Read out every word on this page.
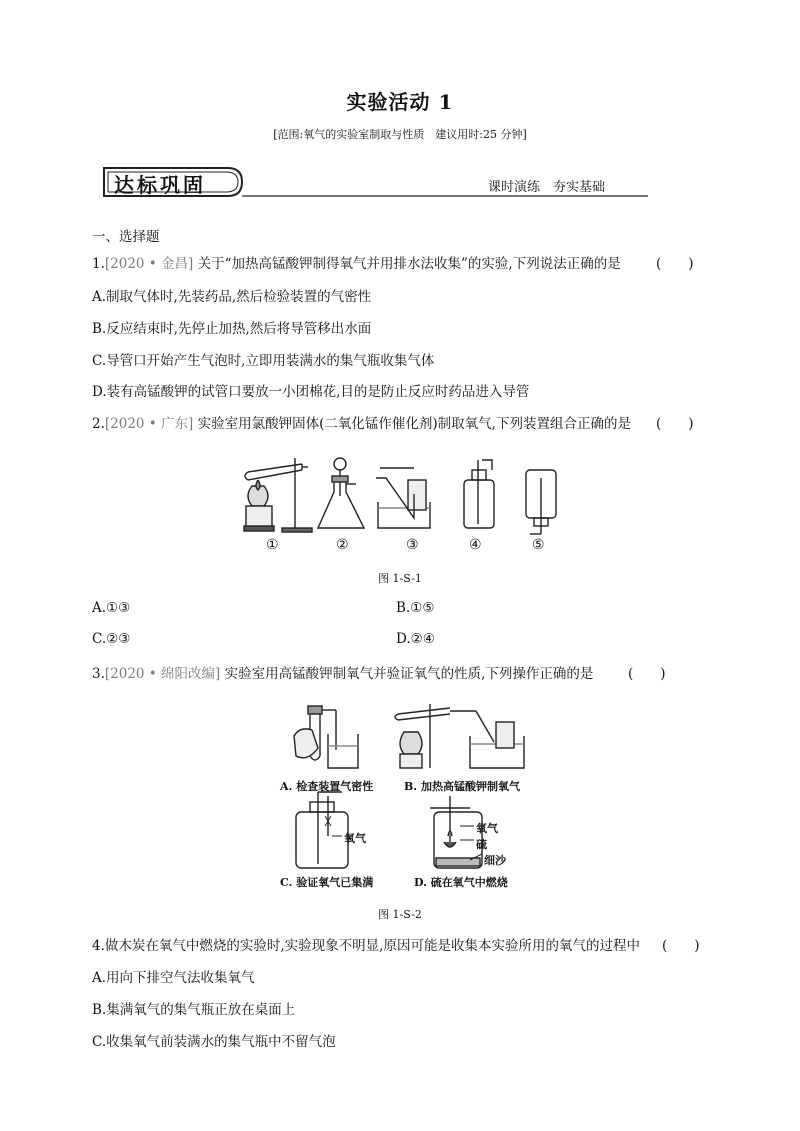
实验活动 1
[范围:氧气的实验室制取与性质　建议用时:25 分钟]
达标巩固	课时演练　夯实基础
一、选择题
1.[2020 • 金昌] 关于“加热高锰酸钾制得氧气并用排水法收集”的实验,下列说法正确的是	(　　)
A.制取气体时,先装药品,然后检验装置的气密性
B.反应结束时,先停止加热,然后将导管移出水面
C.导管口开始产生气泡时,立即用装满水的集气瓶收集气体
D.装有高锰酸钾的试管口要放一小团棉花,目的是防止反应时药品进入导管
2.[2020 • 广东] 实验室用氯酸钾固体(二氧化锰作催化剂)制取氧气,下列装置组合正确的是 (　　)
①	②	③	④	⑤
图 1-S-1
A.①③	B.①⑤
C.②③	D.②④
3.[2020 • 绵阳改编] 实验室用高锰酸钾制氧气并验证氧气的性质,下列操作正确的是	(　　)
A. 检查装置气密性	B. 加热高锰酸钾制氧气
氧气
氧气
硫
细沙
C. 验证氧气已集满	D. 硫在氧气中燃烧
图 1-S-2
4.做木炭在氧气中燃烧的实验时,实验现象不明显,原因可能是收集本实验所用的氧气的过程中 (　　)
A.用向下排空气法收集氧气
B.集满氧气的集气瓶正放在桌面上
C.收集氧气前装满水的集气瓶中不留气泡
